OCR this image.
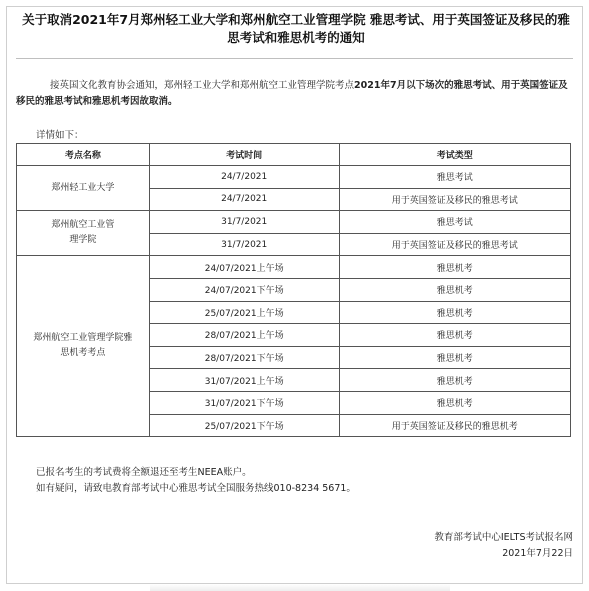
关于取消2021年7月郑州轻工业大学和郑州航空工业管理学院 雅思考试、用于英国签证及移民的雅思考试和雅思机考的通知
接英国文化教育协会通知，郑州轻工业大学和郑州航空工业管理学院考点2021年7月以下场次的雅思考试、用于英国签证及移民的雅思考试和雅思机考因故取消。
详情如下：
考点名称	考试时间	考试类型
郑州轻工业大学	24/7/2021	雅思考试
	24/7/2021	用于英国签证及移民的雅思考试
郑州航空工业管理学院	31/7/2021	雅思考试
	31/7/2021	用于英国签证及移民的雅思考试
郑州航空工业管理学院雅思机考考点	24/07/2021上午场	雅思机考
	24/07/2021下午场	雅思机考
	25/07/2021上午场	雅思机考
	28/07/2021上午场	雅思机考
	28/07/2021下午场	雅思机考
	31/07/2021上午场	雅思机考
	31/07/2021下午场	雅思机考
	25/07/2021下午场	用于英国签证及移民的雅思机考
已报名考生的考试费将全额退还至考生NEEA账户。
如有疑问，请致电教育部考试中心雅思考试全国服务热线010-8234 5671。
教育部考试中心IELTS考试报名网
2021年7月22日
